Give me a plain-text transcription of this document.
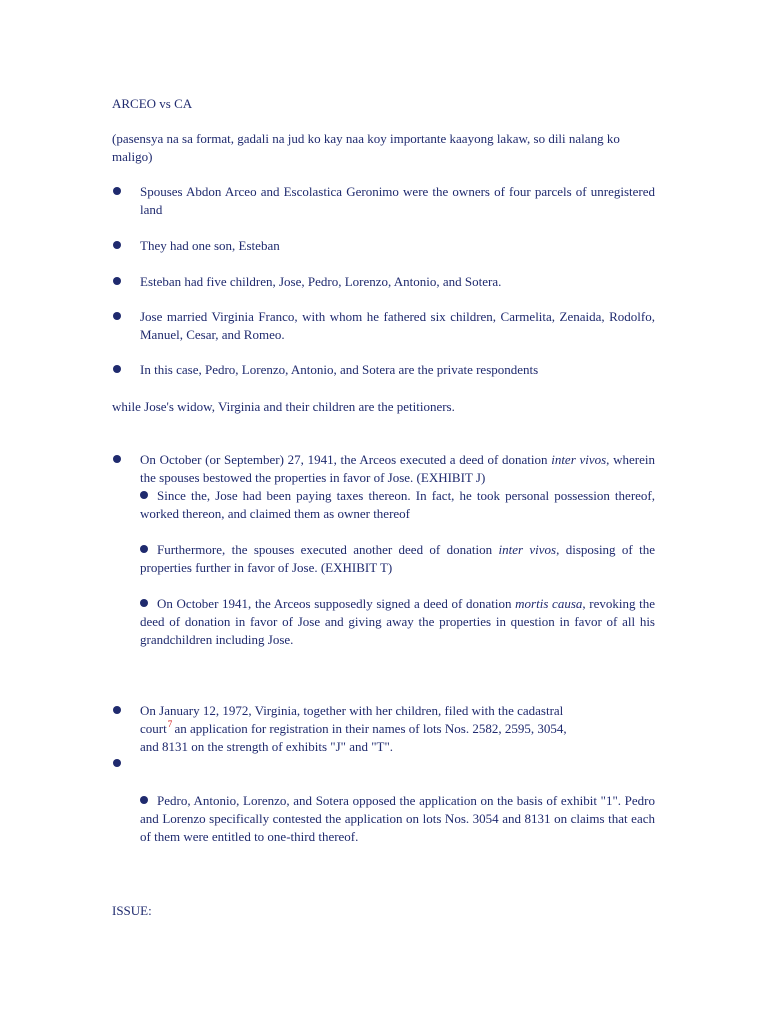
ARCEO vs CA
(pasensya na sa format, gadali na jud ko kay naa koy importante kaayong lakaw, so dili nalang ko maligo)
Spouses Abdon Arceo and Escolastica Geronimo were the owners of four parcels of unregistered land
They had one son, Esteban
Esteban had five children, Jose, Pedro, Lorenzo, Antonio, and Sotera.
Jose married Virginia Franco, with whom he fathered six children, Carmelita, Zenaida, Rodolfo, Manuel, Cesar, and Romeo.
In this case, Pedro, Lorenzo, Antonio, and Sotera are the private respondents
while Jose's widow, Virginia and their children are the petitioners.
On October (or September) 27, 1941, the Arceos executed a deed of donation inter vivos, wherein the spouses bestowed the properties in favor of Jose. (EXHIBIT J)
Since the, Jose had been paying taxes thereon. In fact, he took personal possession thereof, worked thereon, and claimed them as owner thereof
Furthermore, the spouses executed another deed of donation inter vivos, disposing of the properties further in favor of Jose. (EXHIBIT T)
On October 1941, the Arceos supposedly signed a deed of donation mortis causa, revoking the deed of donation in favor of Jose and giving away the properties in question in favor of all his grandchildren including Jose.
On January 12, 1972, Virginia, together with her children, filed with the cadastral
court$^7$ an application for registration in their names of lots Nos. 2582, 2595, 3054,
and 8131 on the strength of exhibits "J" and "T".
Pedro, Antonio, Lorenzo, and Sotera opposed the application on the basis of exhibit "1". Pedro and Lorenzo specifically contested the application on lots Nos. 3054 and 8131 on claims that each of them were entitled to one-third thereof.
ISSUE:
